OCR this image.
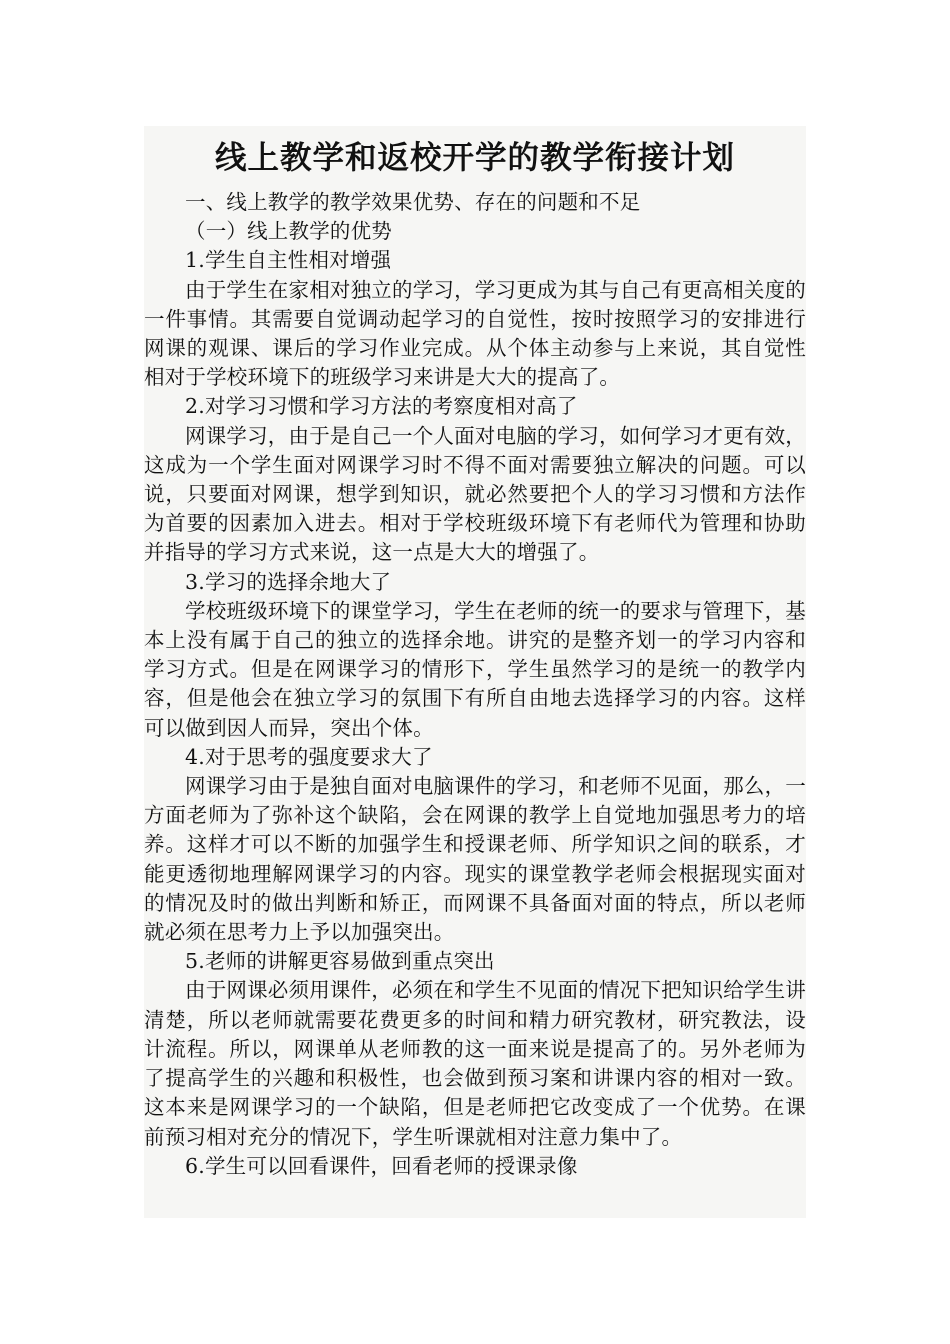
线上教学和返校开学的教学衔接计划

一、线上教学的教学效果优势、存在的问题和不足

（一）线上教学的优势

1.学生自主性相对增强

由于学生在家相对独立的学习，学习更成为其与自己有更高相关度的一件事情。其需要自觉调动起学习的自觉性，按时按照学习的安排进行网课的观课、课后的学习作业完成。从个体主动参与上来说，其自觉性相对于学校环境下的班级学习来讲是大大的提高了。

2.对学习习惯和学习方法的考察度相对高了

网课学习，由于是自己一个人面对电脑的学习，如何学习才更有效，这成为一个学生面对网课学习时不得不面对需要独立解决的问题。可以说，只要面对网课，想学到知识，就必然要把个人的学习习惯和方法作为首要的因素加入进去。相对于学校班级环境下有老师代为管理和协助并指导的学习方式来说，这一点是大大的增强了。

3.学习的选择余地大了

学校班级环境下的课堂学习，学生在老师的统一的要求与管理下，基本上没有属于自己的独立的选择余地。讲究的是整齐划一的学习内容和学习方式。但是在网课学习的情形下，学生虽然学习的是统一的教学内容，但是他会在独立学习的氛围下有所自由地去选择学习的内容。这样可以做到因人而异，突出个体。

4.对于思考的强度要求大了

网课学习由于是独自面对电脑课件的学习，和老师不见面，那么，一方面老师为了弥补这个缺陷，会在网课的教学上自觉地加强思考力的培养。这样才可以不断的加强学生和授课老师、所学知识之间的联系，才能更透彻地理解网课学习的内容。现实的课堂教学老师会根据现实面对的情况及时的做出判断和矫正，而网课不具备面对面的特点，所以老师就必须在思考力上予以加强突出。

5.老师的讲解更容易做到重点突出

由于网课必须用课件，必须在和学生不见面的情况下把知识给学生讲清楚，所以老师就需要花费更多的时间和精力研究教材，研究教法，设计流程。所以，网课单从老师教的这一面来说是提高了的。另外老师为了提高学生的兴趣和积极性，也会做到预习案和讲课内容的相对一致。这本来是网课学习的一个缺陷，但是老师把它改变成了一个优势。在课前预习相对充分的情况下，学生听课就相对注意力集中了。

6.学生可以回看课件，回看老师的授课录像
